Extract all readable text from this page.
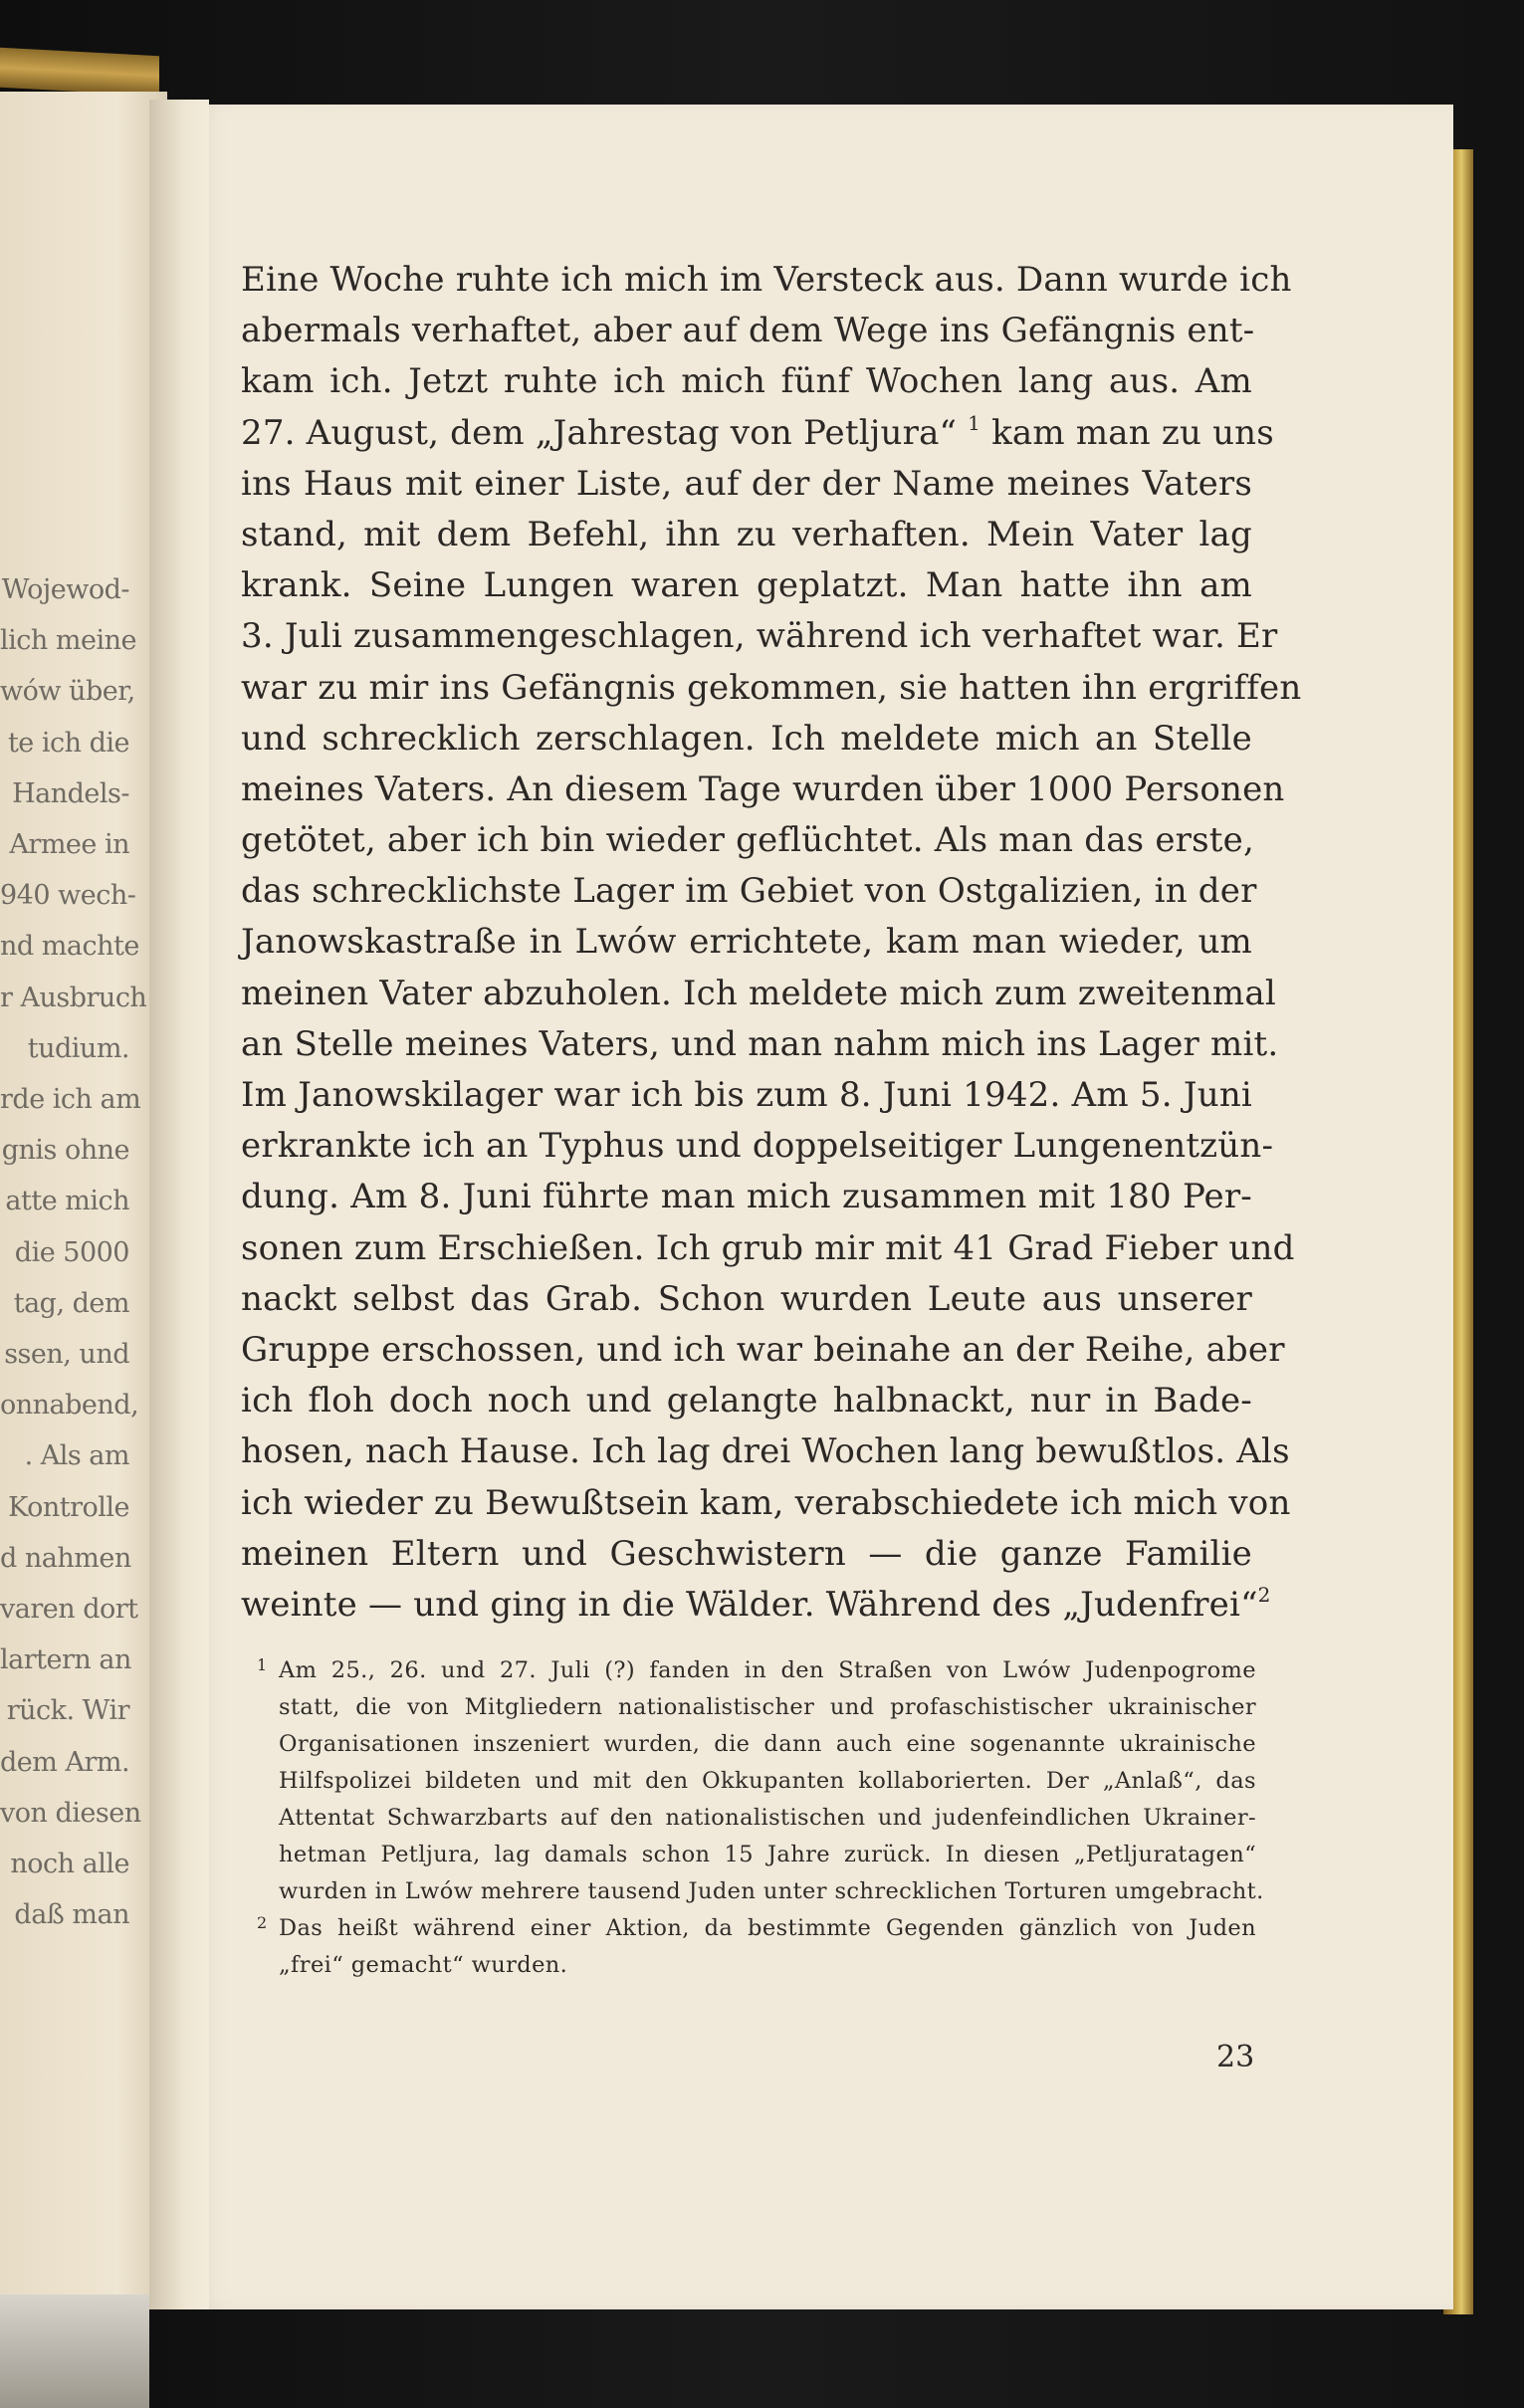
Wojewod-
lich meine
wów über,
te ich die
Handels-
Armee in
940 wech-
nd machte
r Ausbruch
tudium.
rde ich am
gnis ohne
atte mich
die 5000
tag, dem
ssen, und
onnabend,
. Als am
Kontrolle
d nahmen
varen dort
lartern an
rück. Wir
dem Arm.
von diesen
noch alle
daß man
Eine Woche ruhte ich mich im Versteck aus. Dann wurde ich
abermals verhaftet, aber auf dem Wege ins Gefängnis ent-
kam ich. Jetzt ruhte ich mich fünf Wochen lang aus. Am
27. August, dem „Jahrestag von Petljura“ $^1$ kam man zu uns
ins Haus mit einer Liste, auf der der Name meines Vaters
stand, mit dem Befehl, ihn zu verhaften. Mein Vater lag
krank. Seine Lungen waren geplatzt. Man hatte ihn am
3. Juli zusammengeschlagen, während ich verhaftet war. Er
war zu mir ins Gefängnis gekommen, sie hatten ihn ergriffen
und schrecklich zerschlagen. Ich meldete mich an Stelle
meines Vaters. An diesem Tage wurden über 1000 Personen
getötet, aber ich bin wieder geflüchtet. Als man das erste,
das schrecklichste Lager im Gebiet von Ostgalizien, in der
Janowskastraße in Lwów errichtete, kam man wieder, um
meinen Vater abzuholen. Ich meldete mich zum zweitenmal
an Stelle meines Vaters, und man nahm mich ins Lager mit.
Im Janowskilager war ich bis zum 8. Juni 1942. Am 5. Juni
erkrankte ich an Typhus und doppelseitiger Lungenentzün-
dung. Am 8. Juni führte man mich zusammen mit 180 Per-
sonen zum Erschießen. Ich grub mir mit 41 Grad Fieber und
nackt selbst das Grab. Schon wurden Leute aus unserer
Gruppe erschossen, und ich war beinahe an der Reihe, aber
ich floh doch noch und gelangte halbnackt, nur in Bade-
hosen, nach Hause. Ich lag drei Wochen lang bewußtlos. Als
ich wieder zu Bewußtsein kam, verabschiedete ich mich von
meinen Eltern und Geschwistern — die ganze Familie
weinte — und ging in die Wälder. Während des „Judenfrei“$^2$
1 Am 25., 26. und 27. Juli (?) fanden in den Straßen von Lwów Judenpogrome
statt, die von Mitgliedern nationalistischer und profaschistischer ukrainischer
Organisationen inszeniert wurden, die dann auch eine sogenannte ukrainische
Hilfspolizei bildeten und mit den Okkupanten kollaborierten. Der „Anlaß“, das
Attentat Schwarzbarts auf den nationalistischen und judenfeindlichen Ukrainer-
hetman Petljura, lag damals schon 15 Jahre zurück. In diesen „Petljuratagen“
wurden in Lwów mehrere tausend Juden unter schrecklichen Torturen umgebracht.
2 Das heißt während einer Aktion, da bestimmte Gegenden gänzlich von Juden
„frei“ gemacht“ wurden.
23
